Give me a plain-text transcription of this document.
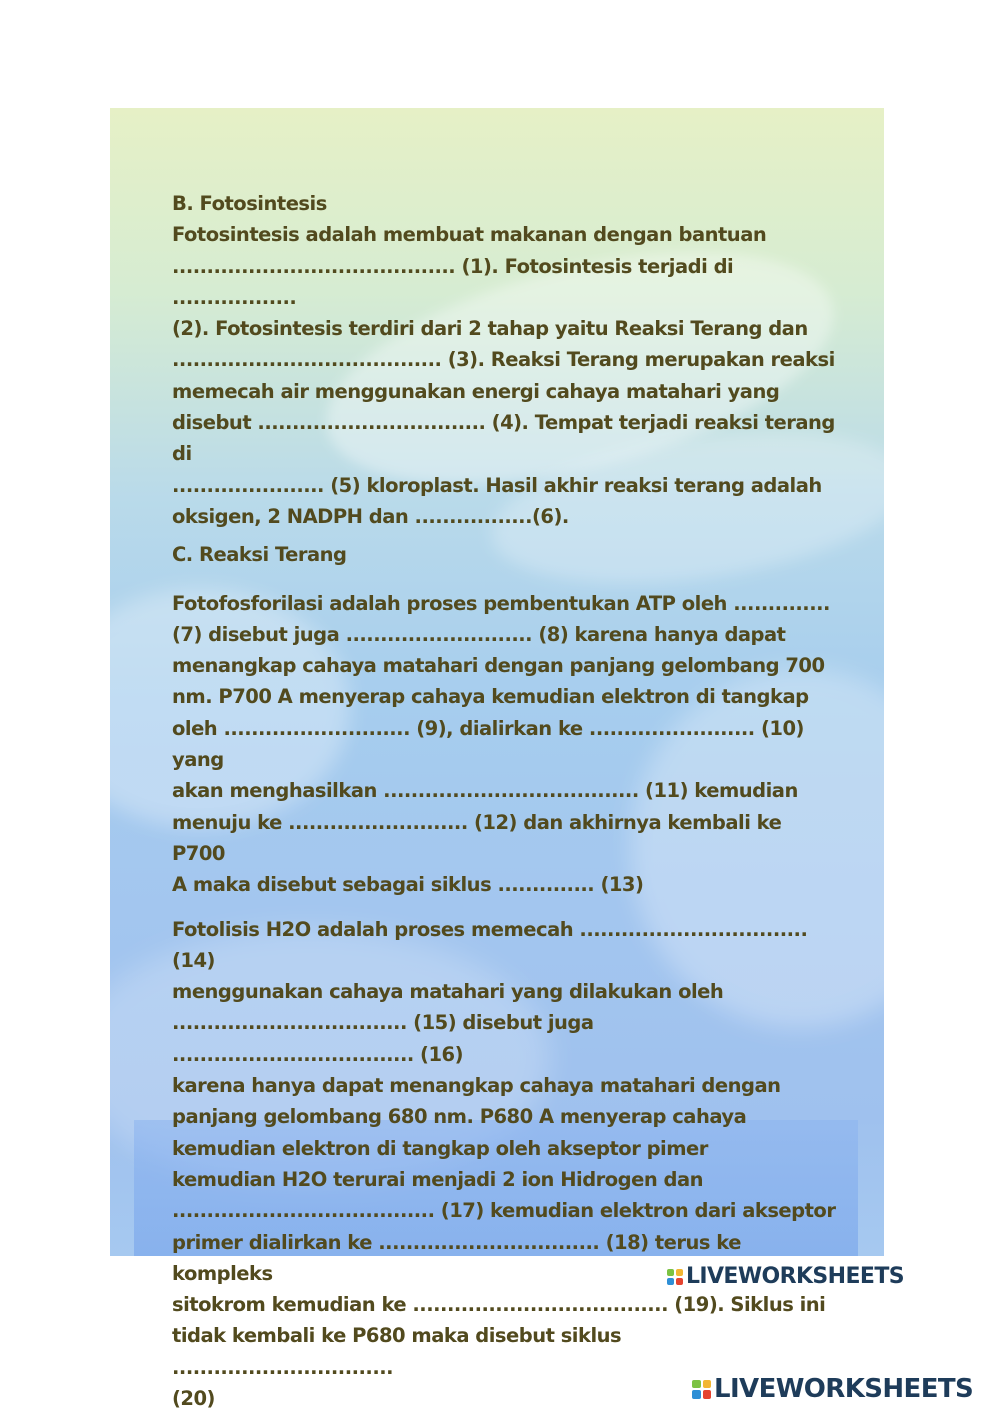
B. Fotosintesis

Fotosintesis adalah membuat makanan dengan bantuan

......................................... (1). Fotosintesis terjadi di ..................

(2). Fotosintesis terdiri dari 2 tahap yaitu Reaksi Terang dan

....................................... (3). Reaksi Terang merupakan reaksi

memecah air menggunakan energi cahaya matahari yang

disebut ................................. (4). Tempat terjadi reaksi terang di

...................... (5) kloroplast. Hasil akhir reaksi terang adalah

oksigen, 2 NADPH dan .................(6).

C. Reaksi Terang

Fotofosforilasi adalah proses pembentukan ATP oleh ..............

(7) disebut juga ........................... (8) karena hanya dapat

menangkap cahaya matahari dengan panjang gelombang 700

nm. P700 A menyerap cahaya kemudian elektron di tangkap

oleh ........................... (9), dialirkan ke ........................ (10) yang

akan menghasilkan ..................................... (11) kemudian

menuju ke .......................... (12) dan akhirnya kembali ke P700

A maka disebut sebagai siklus .............. (13)

Fotolisis H2O adalah proses memecah ................................. (14)

menggunakan cahaya matahari yang dilakukan oleh

.................................. (15) disebut juga ................................... (16)

karena hanya dapat menangkap cahaya matahari dengan

panjang gelombang 680 nm. P680 A menyerap cahaya

kemudian elektron di tangkap oleh akseptor pimer

kemudian H2O terurai menjadi 2 ion Hidrogen dan

...................................... (17) kemudian elektron dari akseptor

primer dialirkan ke ................................ (18) terus ke kompleks

sitokrom kemudian ke ..................................... (19). Siklus ini

tidak kembali ke P680 maka disebut siklus ................................

(20)

LIVEWORKSHEETS
LIVEWORKSHEETS
